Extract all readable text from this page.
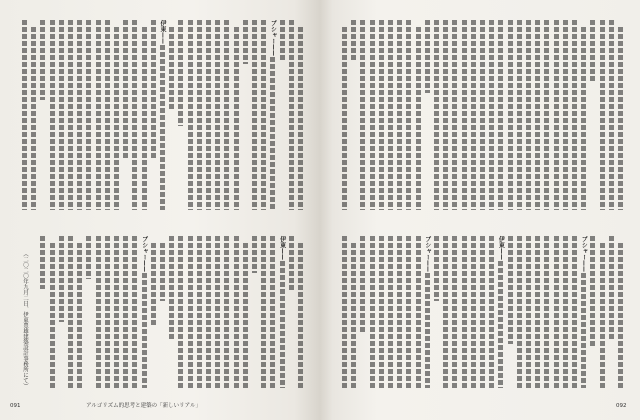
ブシャー——
伊東——
伊東——
ブシャー——
（二〇二〇年九月二日、伊東豊雄建築設計事務所にて）
091	アルゴリズム的思考と建築の「新しいリアル」
ブシャー——
伊東——
ブシャー——
092
